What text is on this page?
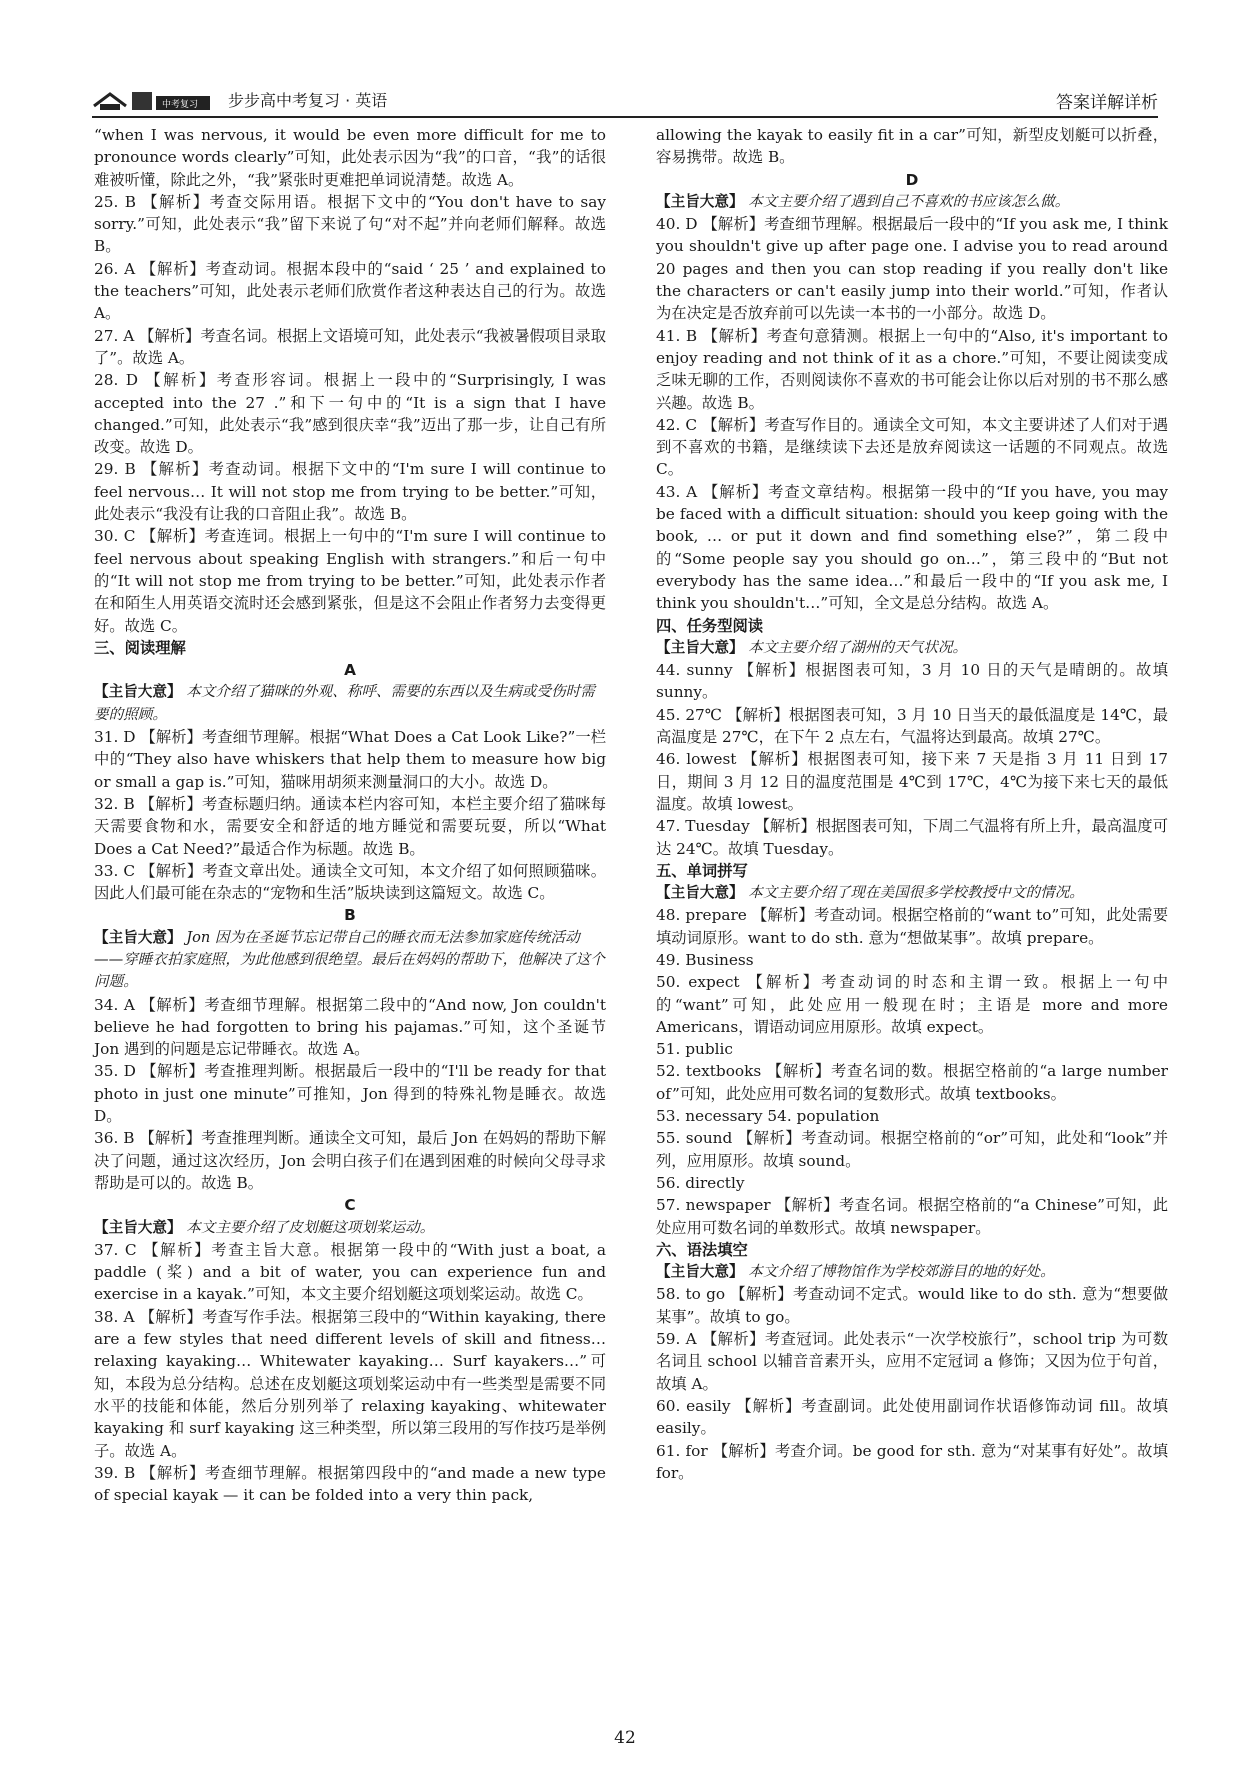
中考复习 步步高中考复习 · 英语	答案详解详析

“when I was nervous, it would be even more difficult for me to pronounce words clearly”可知，此处表示因为“我”的口音，“我”的话很难被听懂，除此之外，“我”紧张时更难把单词说清楚。故选 A。

25. B 【解析】考查交际用语。根据下文中的“You don't have to say sorry.”可知，此处表示“我”留下来说了句“对不起”并向老师们解释。故选 B。

26. A 【解析】考查动词。根据本段中的“said ‘ 25 ’ and explained to the teachers”可知，此处表示老师们欣赏作者这种表达自己的行为。故选 A。

27. A 【解析】考查名词。根据上文语境可知，此处表示“我被暑假项目录取了”。故选 A。

28. D 【解析】考查形容词。根据上一段中的“Surprisingly, I was accepted into the 27 .”和下一句中的“It is a sign that I have changed.”可知，此处表示“我”感到很庆幸“我”迈出了那一步，让自己有所改变。故选 D。

29. B 【解析】考查动词。根据下文中的“I'm sure I will continue to feel nervous… It will not stop me from trying to be better.”可知，此处表示“我没有让我的口音阻止我”。故选 B。

30. C 【解析】考查连词。根据上一句中的“I'm sure I will continue to feel nervous about speaking English with strangers.”和后一句中的“It will not stop me from trying to be better.”可知，此处表示作者在和陌生人用英语交流时还会感到紧张，但是这不会阻止作者努力去变得更好。故选 C。

三、阅读理解

A

【主旨大意】 本文介绍了猫咪的外观、称呼、需要的东西以及生病或受伤时需要的照顾。

31. D 【解析】考查细节理解。根据“What Does a Cat Look Like?”一栏中的“They also have whiskers that help them to measure how big or small a gap is.”可知，猫咪用胡须来测量洞口的大小。故选 D。

32. B 【解析】考查标题归纳。通读本栏内容可知，本栏主要介绍了猫咪每天需要食物和水，需要安全和舒适的地方睡觉和需要玩耍，所以“What Does a Cat Need?”最适合作为标题。故选 B。

33. C 【解析】考查文章出处。通读全文可知，本文介绍了如何照顾猫咪。因此人们最可能在杂志的“宠物和生活”版块读到这篇短文。故选 C。

B

【主旨大意】 Jon 因为在圣诞节忘记带自己的睡衣而无法参加家庭传统活动——穿睡衣拍家庭照，为此他感到很绝望。最后在妈妈的帮助下，他解决了这个问题。

34. A 【解析】考查细节理解。根据第二段中的“And now, Jon couldn't believe he had forgotten to bring his pajamas.”可知，这个圣诞节 Jon 遇到的问题是忘记带睡衣。故选 A。

35. D 【解析】考查推理判断。根据最后一段中的“I'll be ready for that photo in just one minute”可推知，Jon 得到的特殊礼物是睡衣。故选 D。

36. B 【解析】考查推理判断。通读全文可知，最后 Jon 在妈妈的帮助下解决了问题，通过这次经历，Jon 会明白孩子们在遇到困难的时候向父母寻求帮助是可以的。故选 B。

C

【主旨大意】 本文主要介绍了皮划艇这项划桨运动。

37. C 【解析】考查主旨大意。根据第一段中的“With just a boat, a paddle (桨) and a bit of water, you can experience fun and exercise in a kayak.”可知，本文主要介绍划艇这项划桨运动。故选 C。

38. A 【解析】考查写作手法。根据第三段中的“Within kayaking, there are a few styles that need different levels of skill and fitness… relaxing kayaking… Whitewater kayaking… Surf kayakers…”可知，本段为总分结构。总述在皮划艇这项划桨运动中有一些类型是需要不同水平的技能和体能，然后分别列举了 relaxing kayaking、whitewater kayaking 和 surf kayaking 这三种类型，所以第三段用的写作技巧是举例子。故选 A。

39. B 【解析】考查细节理解。根据第四段中的“and made a new type of special kayak — it can be folded into a very thin pack,

allowing the kayak to easily fit in a car”可知，新型皮划艇可以折叠，容易携带。故选 B。

D

【主旨大意】 本文主要介绍了遇到自己不喜欢的书应该怎么做。

40. D 【解析】考查细节理解。根据最后一段中的“If you ask me, I think you shouldn't give up after page one. I advise you to read around 20 pages and then you can stop reading if you really don't like the characters or can't easily jump into their world.”可知，作者认为在决定是否放弃前可以先读一本书的一小部分。故选 D。

41. B 【解析】考查句意猜测。根据上一句中的“Also, it's important to enjoy reading and not think of it as a chore.”可知，不要让阅读变成乏味无聊的工作，否则阅读你不喜欢的书可能会让你以后对别的书不那么感兴趣。故选 B。

42. C 【解析】考查写作目的。通读全文可知，本文主要讲述了人们对于遇到不喜欢的书籍，是继续读下去还是放弃阅读这一话题的不同观点。故选 C。

43. A 【解析】考查文章结构。根据第一段中的“If you have, you may be faced with a difficult situation: should you keep going with the book, … or put it down and find something else?”，第二段中的“Some people say you should go on…”，第三段中的“But not everybody has the same idea…”和最后一段中的“If you ask me, I think you shouldn't…”可知，全文是总分结构。故选 A。

四、任务型阅读

【主旨大意】 本文主要介绍了湖州的天气状况。

44. sunny 【解析】根据图表可知，3 月 10 日的天气是晴朗的。故填 sunny。

45. 27℃ 【解析】根据图表可知，3 月 10 日当天的最低温度是 14℃，最高温度是 27℃，在下午 2 点左右，气温将达到最高。故填 27℃。

46. lowest 【解析】根据图表可知，接下来 7 天是指 3 月 11 日到 17 日，期间 3 月 12 日的温度范围是 4℃到 17℃，4℃为接下来七天的最低温度。故填 lowest。

47. Tuesday 【解析】根据图表可知，下周二气温将有所上升，最高温度可达 24℃。故填 Tuesday。

五、单词拼写

【主旨大意】 本文主要介绍了现在美国很多学校教授中文的情况。

48. prepare 【解析】考查动词。根据空格前的“want to”可知，此处需要填动词原形。want to do sth. 意为“想做某事”。故填 prepare。

49. Business

50. expect 【解析】考查动词的时态和主谓一致。根据上一句中的“want”可知，此处应用一般现在时；主语是 more and more Americans，谓语动词应用原形。故填 expect。

51. public

52. textbooks 【解析】考查名词的数。根据空格前的“a large number of”可知，此处应用可数名词的复数形式。故填 textbooks。

53. necessary 54. population

55. sound 【解析】考查动词。根据空格前的“or”可知，此处和“look”并列，应用原形。故填 sound。

56. directly

57. newspaper 【解析】考查名词。根据空格前的“a Chinese”可知，此处应用可数名词的单数形式。故填 newspaper。

六、语法填空

【主旨大意】 本文介绍了博物馆作为学校郊游目的地的好处。

58. to go 【解析】考查动词不定式。would like to do sth. 意为“想要做某事”。故填 to go。

59. A 【解析】考查冠词。此处表示“一次学校旅行”，school trip 为可数名词且 school 以辅音音素开头，应用不定冠词 a 修饰；又因为位于句首，故填 A。

60. easily 【解析】考查副词。此处使用副词作状语修饰动词 fill。故填 easily。

61. for 【解析】考查介词。be good for sth. 意为“对某事有好处”。故填 for。

42
